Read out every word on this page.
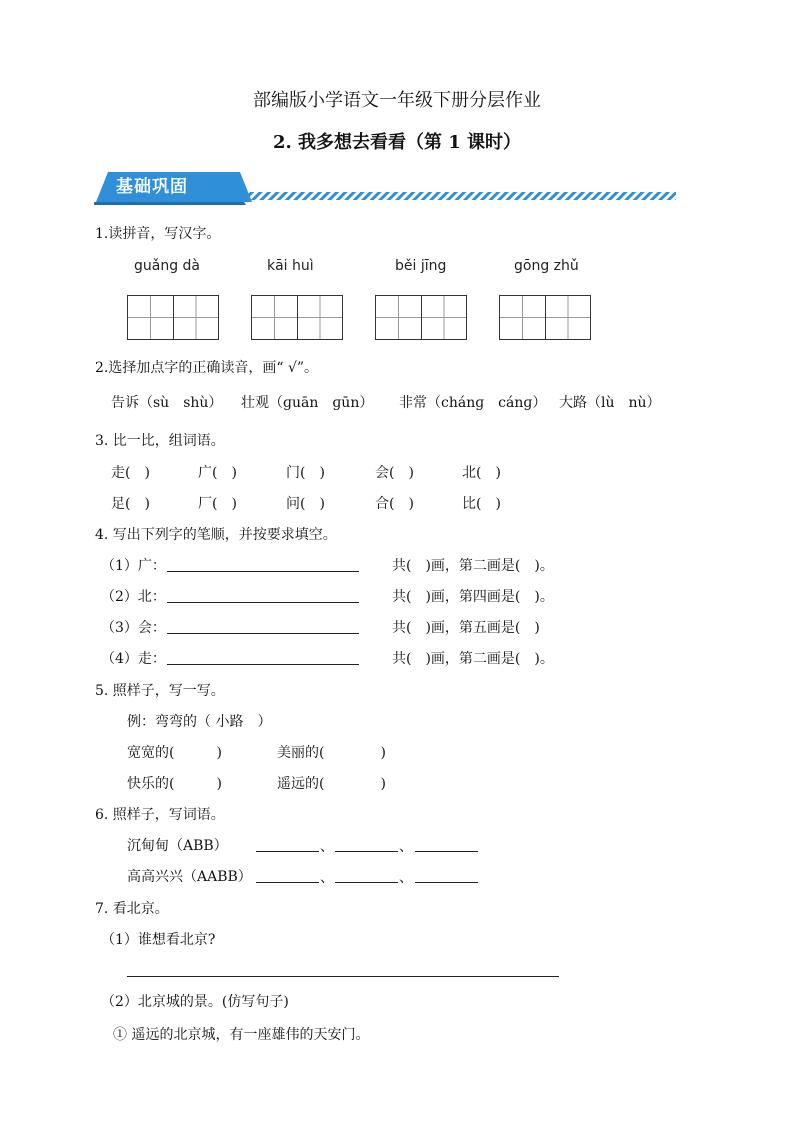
部编版小学语文一年级下册分层作业
2. 我多想去看看（第 1 课时）
基础巩固
1.读拼音，写汉字。
guǎng dà	kāi huì	běi jīng	gōng zhǔ
2.选择加点字的正确读音，画“ √”。
告诉（sù　shù） 壮观（ɡuān　ɡūn） 非常（chánɡ　cánɡ） 大路（lù　nù）
3. 比一比，组词语。
走(　)	广(　)	门(　)	会(　)	北(　)
足(　)	厂(　)	问(　)	合(　)	比(　)
4. 写出下列字的笔顺，并按要求填空。
（1）广：	共(　)画，第二画是(　)。
（2）北：	共(　)画，第四画是(　)。
（3）会：	共(　)画，第五画是(　)
（4）走：	共(　)画，第二画是(　)。
5. 照样子，写一写。
例：弯弯的（ 小路　）
宽宽的(　　　)	美丽的(　　　　)
快乐的(　　　)	遥远的(　　　　)
6. 照样子，写词语。
沉甸甸（ABB）	、	、
高高兴兴（AABB）	、	、
7. 看北京。
（1）谁想看北京?
（2）北京城的景。(仿写句子)
① 遥远的北京城，有一座雄伟的天安门。
